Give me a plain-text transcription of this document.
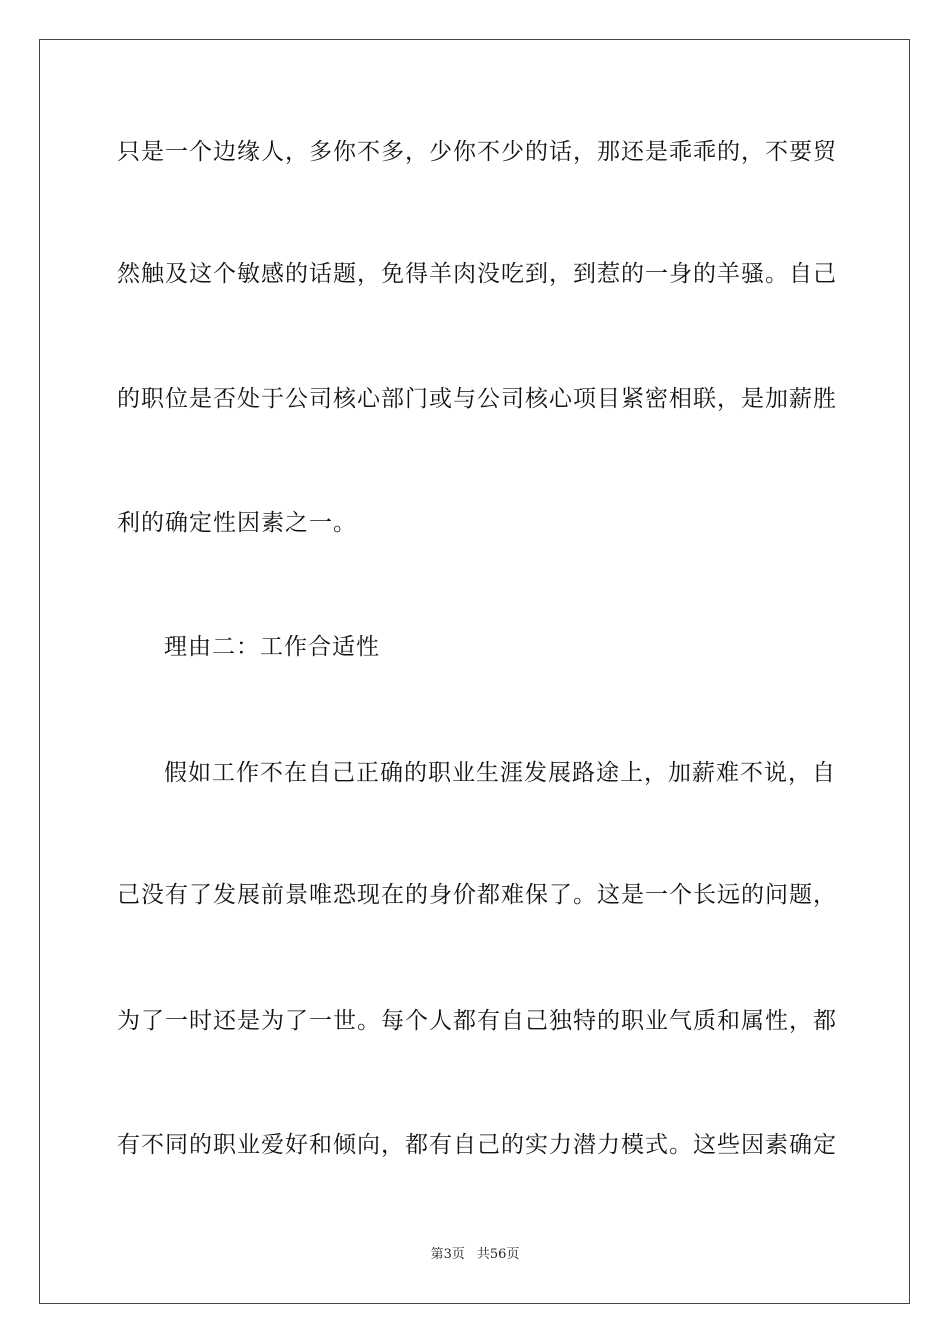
只是一个边缘人，多你不多，少你不少的话，那还是乖乖的，不要贸
然触及这个敏感的话题，免得羊肉没吃到，到惹的一身的羊骚。自己
的职位是否处于公司核心部门或与公司核心项目紧密相联，是加薪胜
利的确定性因素之一。
理由二：工作合适性
假如工作不在自己正确的职业生涯发展路途上，加薪难不说，自
己没有了发展前景唯恐现在的身价都难保了。这是一个长远的问题，
为了一时还是为了一世。每个人都有自己独特的职业气质和属性，都
有不同的职业爱好和倾向，都有自己的实力潜力模式。这些因素确定
第3页 共56页
